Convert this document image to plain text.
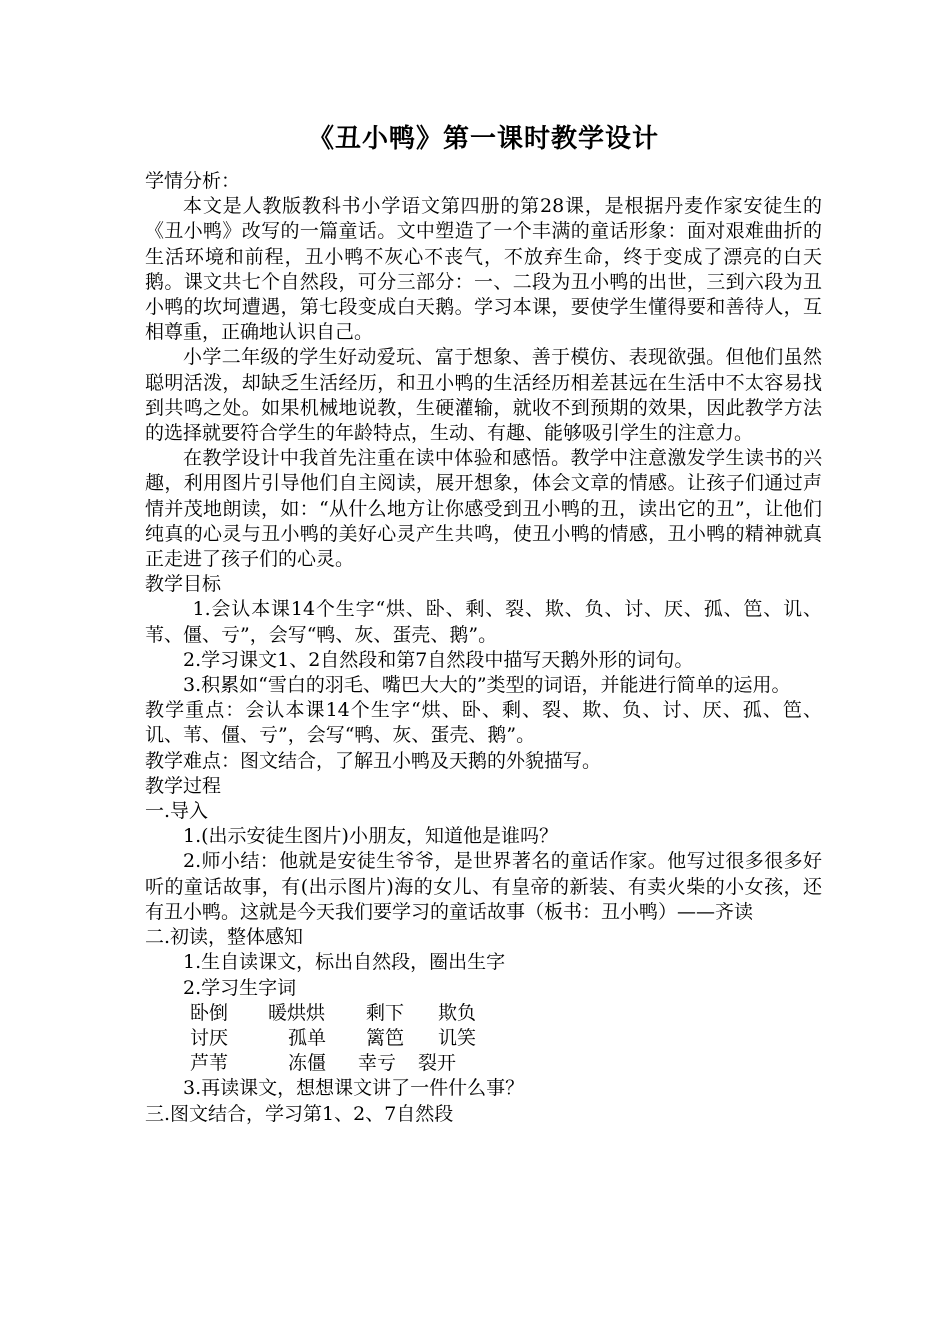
《丑小鸭》第一课时教学设计

学情分析：

本文是人教版教科书小学语文第四册的第28课，是根据丹麦作家安徒生的《丑小鸭》改写的一篇童话。文中塑造了一个丰满的童话形象：面对艰难曲折的生活环境和前程，丑小鸭不灰心不丧气，不放弃生命，终于变成了漂亮的白天鹅。课文共七个自然段，可分三部分：一、二段为丑小鸭的出世，三到六段为丑小鸭的坎坷遭遇，第七段变成白天鹅。学习本课，要使学生懂得要和善待人，互相尊重，正确地认识自己。

小学二年级的学生好动爱玩、富于想象、善于模仿、表现欲强。但他们虽然聪明活泼，却缺乏生活经历，和丑小鸭的生活经历相差甚远在生活中不太容易找到共鸣之处。如果机械地说教，生硬灌输，就收不到预期的效果，因此教学方法的选择就要符合学生的年龄特点，生动、有趣、能够吸引学生的注意力。

在教学设计中我首先注重在读中体验和感悟。教学中注意激发学生读书的兴趣，利用图片引导他们自主阅读，展开想象，体会文章的情感。让孩子们通过声情并茂地朗读，如：“从什么地方让你感受到丑小鸭的丑，读出它的丑”，让他们纯真的心灵与丑小鸭的美好心灵产生共鸣，使丑小鸭的情感，丑小鸭的精神就真正走进了孩子们的心灵。

教学目标

1.会认本课14个生字“烘、卧、剩、裂、欺、负、讨、厌、孤、笆、讥、苇、僵、亏”，会写“鸭、灰、蛋壳、鹅”。

2.学习课文1、2自然段和第7自然段中描写天鹅外形的词句。

3.积累如“雪白的羽毛、嘴巴大大的”类型的词语，并能进行简单的运用。

教学重点：会认本课14个生字“烘、卧、剩、裂、欺、负、讨、厌、孤、笆、讥、苇、僵、亏”，会写“鸭、灰、蛋壳、鹅”。

教学难点：图文结合，了解丑小鸭及天鹅的外貌描写。

教学过程

一.导入

1.(出示安徒生图片)小朋友，知道他是谁吗？

2.师小结：他就是安徒生爷爷，是世界著名的童话作家。他写过很多很多好听的童话故事，有(出示图片)海的女儿、有皇帝的新装、有卖火柴的小女孩，还有丑小鸭。这就是今天我们要学习的童话故事（板书：丑小鸭）——齐读

二.初读，整体感知

1.生自读课文，标出自然段，圈出生字

2.学习生字词

卧倒	暖烘烘	剩下	欺负
讨厌	孤单	篱笆	讥笑
芦苇	冻僵	幸亏	裂开

3.再读课文，想想课文讲了一件什么事？

三.图文结合，学习第1、2、7自然段
